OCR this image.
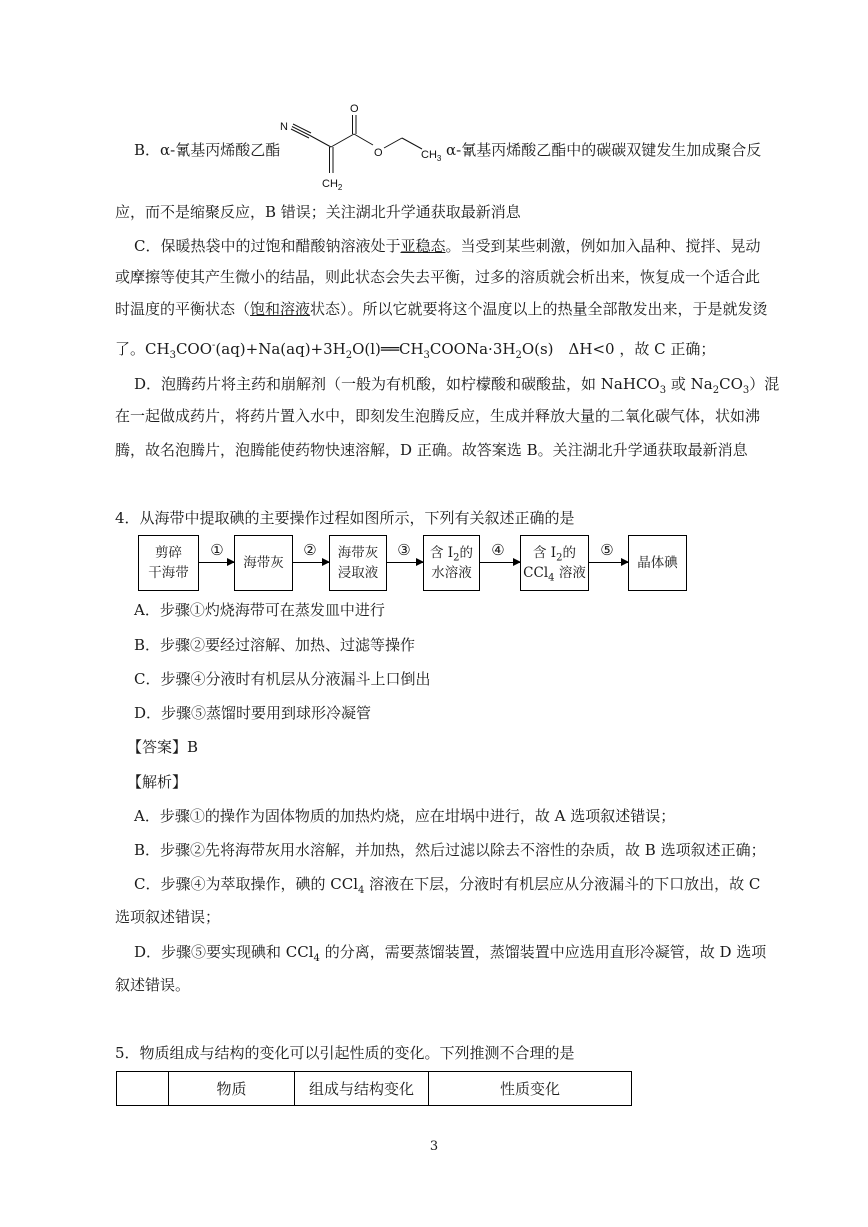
B．α-氰基丙烯酸乙酯
N
$CH_2$
O
O	$CH_3$ α-氰基丙烯酸乙酯中的碳碳双键发生加成聚合反
应，而不是缩聚反应，B 错误；关注湖北升学通获取最新消息
C．保暖热袋中的过饱和醋酸钠溶液处于亚稳态。当受到某些刺激，例如加入晶种、搅拌、晃动
或摩擦等使其产生微小的结晶，则此状态会失去平衡，过多的溶质就会析出来，恢复成一个适合此
时温度的平衡状态（饱和溶液状态）。所以它就要将这个温度以上的热量全部散发出来，于是就发烫
了。$CH_3COO^-(aq)+Na(aq)+3H_2O(l)══CH_3COONa\cdot 3H_2O(s)$　ΔH<0 ，故 C 正确；
D．泡腾药片将主药和崩解剂（一般为有机酸，如柠檬酸和碳酸盐，如 NaHCO$_3$ 或 $Na_2CO_3$）混
在一起做成药片，将药片置入水中，即刻发生泡腾反应，生成并释放大量的二氧化碳气体，状如沸
腾，故名泡腾片，泡腾能使药物快速溶解，D 正确。故答案选 B。关注湖北升学通获取最新消息
4．从海带中提取碘的主要操作过程如图所示，下列有关叙述正确的是
剪碎
干海带
①
海带灰
②	海带灰
浸取液
③	含 $I_2$的
水溶液
④	含 $I_2$的
CCl$_4$ 溶液
⑤
晶体碘
A．步骤①灼烧海带可在蒸发皿中进行
B．步骤②要经过溶解、加热、过滤等操作
C．步骤④分液时有机层从分液漏斗上口倒出
D．步骤⑤蒸馏时要用到球形冷凝管
【答案】B
【解析】
A．步骤①的操作为固体物质的加热灼烧，应在坩埚中进行，故 A 选项叙述错误；
B．步骤②先将海带灰用水溶解，并加热，然后过滤以除去不溶性的杂质，故 B 选项叙述正确；
C．步骤④为萃取操作，碘的 CCl$_4$ 溶液在下层，分液时有机层应从分液漏斗的下口放出，故 C
选项叙述错误；
D．步骤⑤要实现碘和 CCl$_4$ 的分离，需要蒸馏装置，蒸馏装置中应选用直形冷凝管，故 D 选项
叙述错误。
5．物质组成与结构的变化可以引起性质的变化。下列推测不合理的是
	物质	组成与结构变化	性质变化
3
